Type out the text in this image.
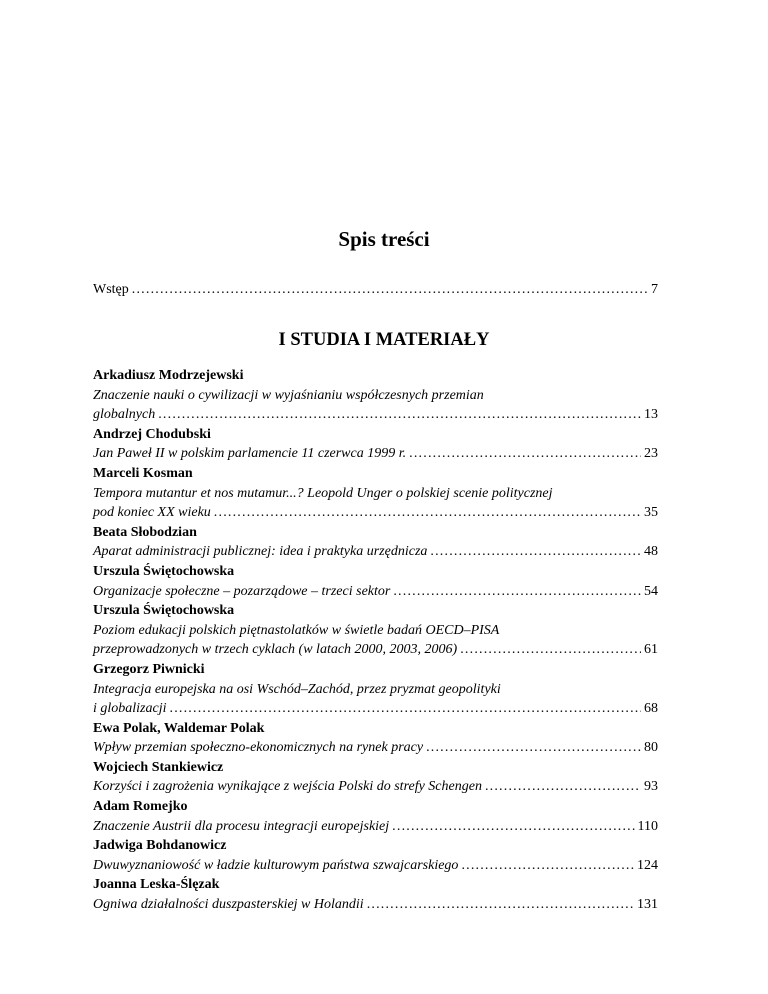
Spis treści
Wstęp .....	7
I STUDIA I MATERIAŁY
Arkadiusz Modrzejewski
Znaczenie nauki o cywilizacji w wyjaśnianiu współczesnych przemian
globalnych .....	13
Andrzej Chodubski
Jan Paweł II w polskim parlamencie 11 czerwca 1999 r. .....	23
Marceli Kosman
Tempora mutantur et nos mutamur...? Leopold Unger o polskiej scenie politycznej
pod koniec XX wieku .....	35
Beata Słobodzian
Aparat administracji publicznej: idea i praktyka urzędnicza .....	48
Urszula Świętochowska
Organizacje społeczne – pozarządowe – trzeci sektor .....	54
Urszula Świętochowska
Poziom edukacji polskich piętnastolatków w świetle badań OECD–PISA
przeprowadzonych w trzech cyklach (w latach 2000, 2003, 2006) .....	61
Grzegorz Piwnicki
Integracja europejska na osi Wschód–Zachód, przez pryzmat geopolityki
i globalizacji .....	68
Ewa Polak, Waldemar Polak
Wpływ przemian społeczno-ekonomicznych na rynek pracy .....	80
Wojciech Stankiewicz
Korzyści i zagrożenia wynikające z wejścia Polski do strefy Schengen .....	93
Adam Romejko
Znaczenie Austrii dla procesu integracji europejskiej .....	110
Jadwiga Bohdanowicz
Dwuwyznaniowość w ładzie kulturowym państwa szwajcarskiego .....	124
Joanna Leska-Ślęzak
Ogniwa działalności duszpasterskiej w Holandii .....	131
